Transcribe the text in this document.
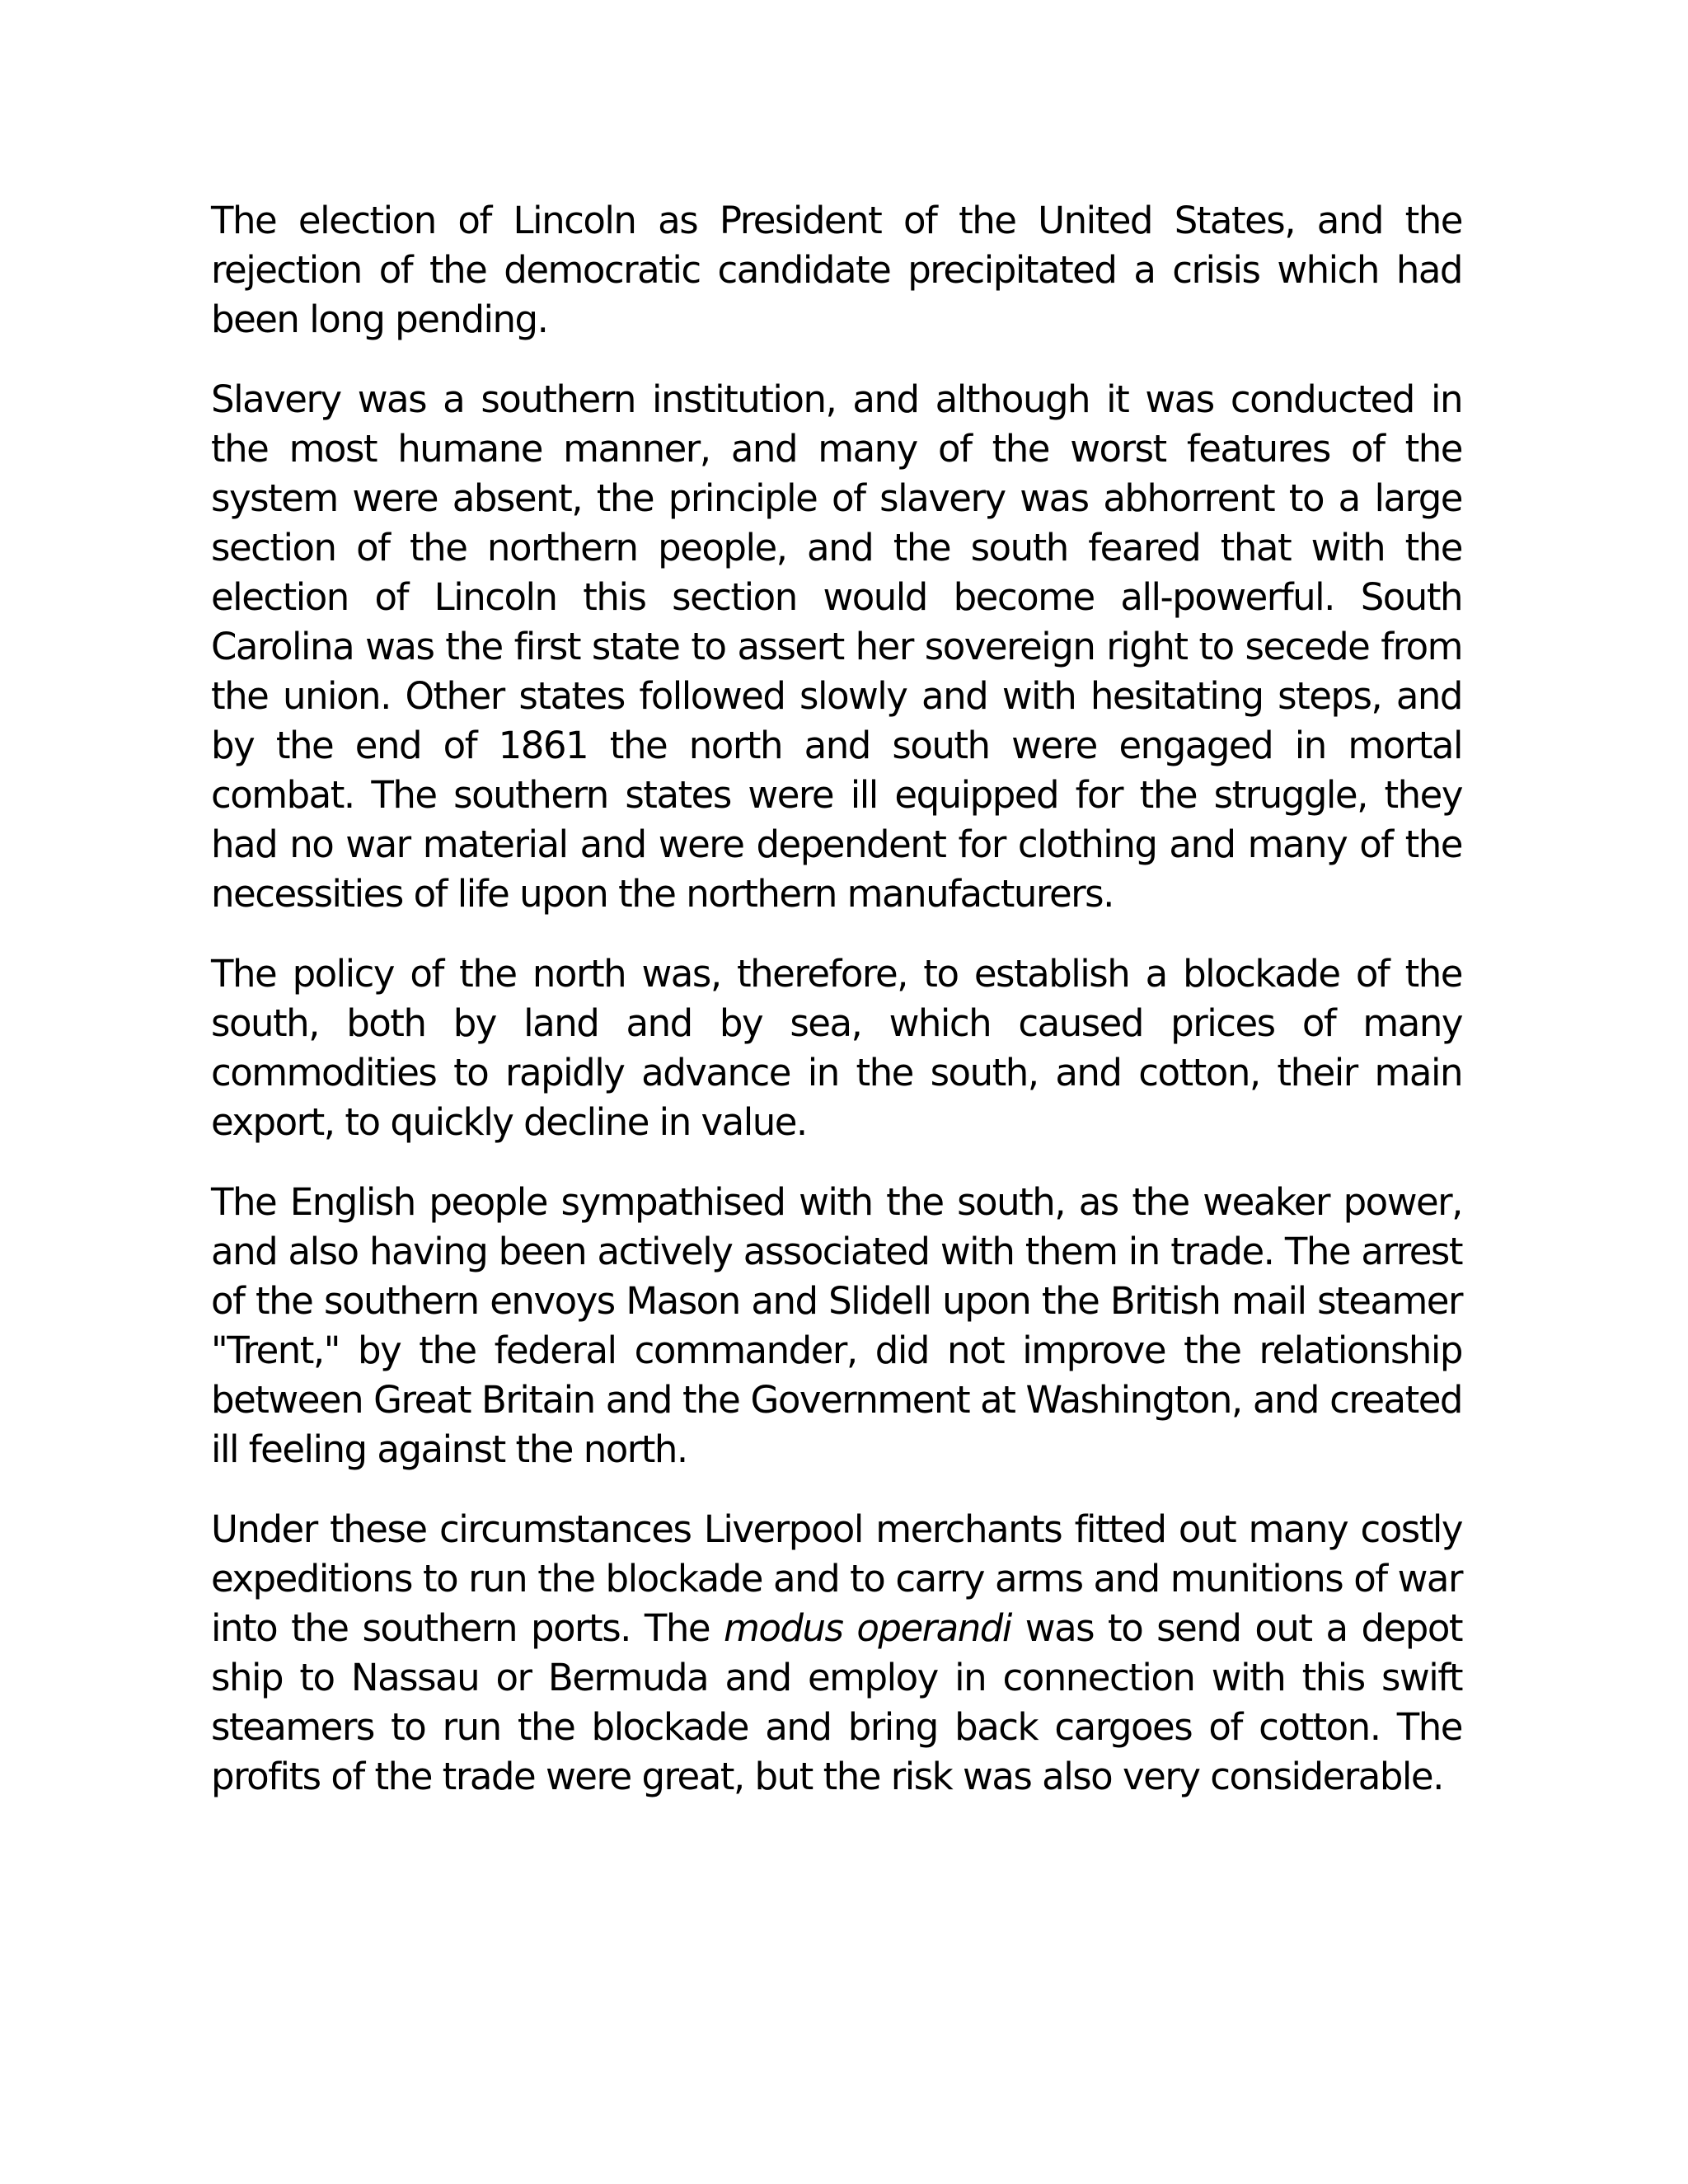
The election of Lincoln as President of the United States, and the rejection of the democratic candidate precipitated a crisis which had been long pending.

Slavery was a southern institution, and although it was conducted in the most humane manner, and many of the worst features of the system were absent, the principle of slavery was abhorrent to a large section of the northern people, and the south feared that with the election of Lincoln this section would become all-powerful. South Carolina was the first state to assert her sovereign right to secede from the union. Other states followed slowly and with hesitating steps, and by the end of 1861 the north and south were engaged in mortal combat. The southern states were ill equipped for the struggle, they had no war material and were dependent for clothing and many of the necessities of life upon the northern manufacturers.

The policy of the north was, therefore, to establish a blockade of the south, both by land and by sea, which caused prices of many commodities to rapidly advance in the south, and cotton, their main export, to quickly decline in value.

The English people sympathised with the south, as the weaker power, and also having been actively associated with them in trade. The arrest of the southern envoys Mason and Slidell upon the British mail steamer "Trent," by the federal commander, did not improve the relationship between Great Britain and the Government at Washington, and created ill feeling against the north.

Under these circumstances Liverpool merchants fitted out many costly expeditions to run the blockade and to carry arms and munitions of war into the southern ports. The modus operandi was to send out a depot ship to Nassau or Bermuda and employ in connection with this swift steamers to run the blockade and bring back cargoes of cotton. The profits of the trade were great, but the risk was also very considerable.
